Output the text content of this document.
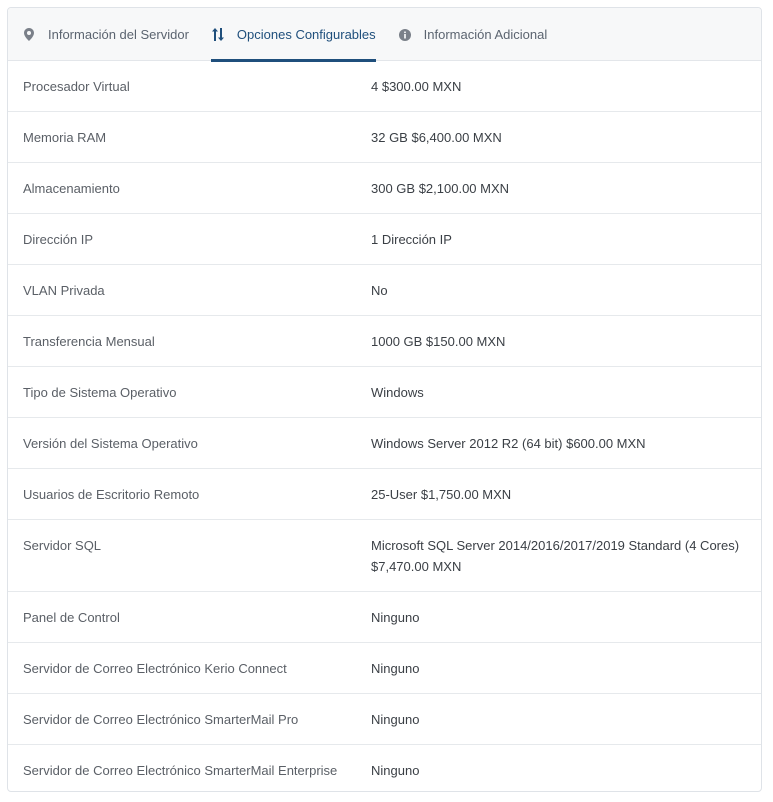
Información del Servidor	Opciones Configurables	Información Adicional
Procesador Virtual	4 $300.00 MXN
Memoria RAM	32 GB $6,400.00 MXN
Almacenamiento	300 GB $2,100.00 MXN
Dirección IP	1 Dirección IP
VLAN Privada	No
Transferencia Mensual	1000 GB $150.00 MXN
Tipo de Sistema Operativo	Windows
Versión del Sistema Operativo	Windows Server 2012 R2 (64 bit) $600.00 MXN
Usuarios de Escritorio Remoto	25-User $1,750.00 MXN
Servidor SQL	Microsoft SQL Server 2014/2016/2017/2019 Standard (4 Cores) $7,470.00 MXN
Panel de Control	Ninguno
Servidor de Correo Electrónico Kerio Connect	Ninguno
Servidor de Correo Electrónico SmarterMail Pro	Ninguno
Servidor de Correo Electrónico SmarterMail Enterprise	Ninguno
